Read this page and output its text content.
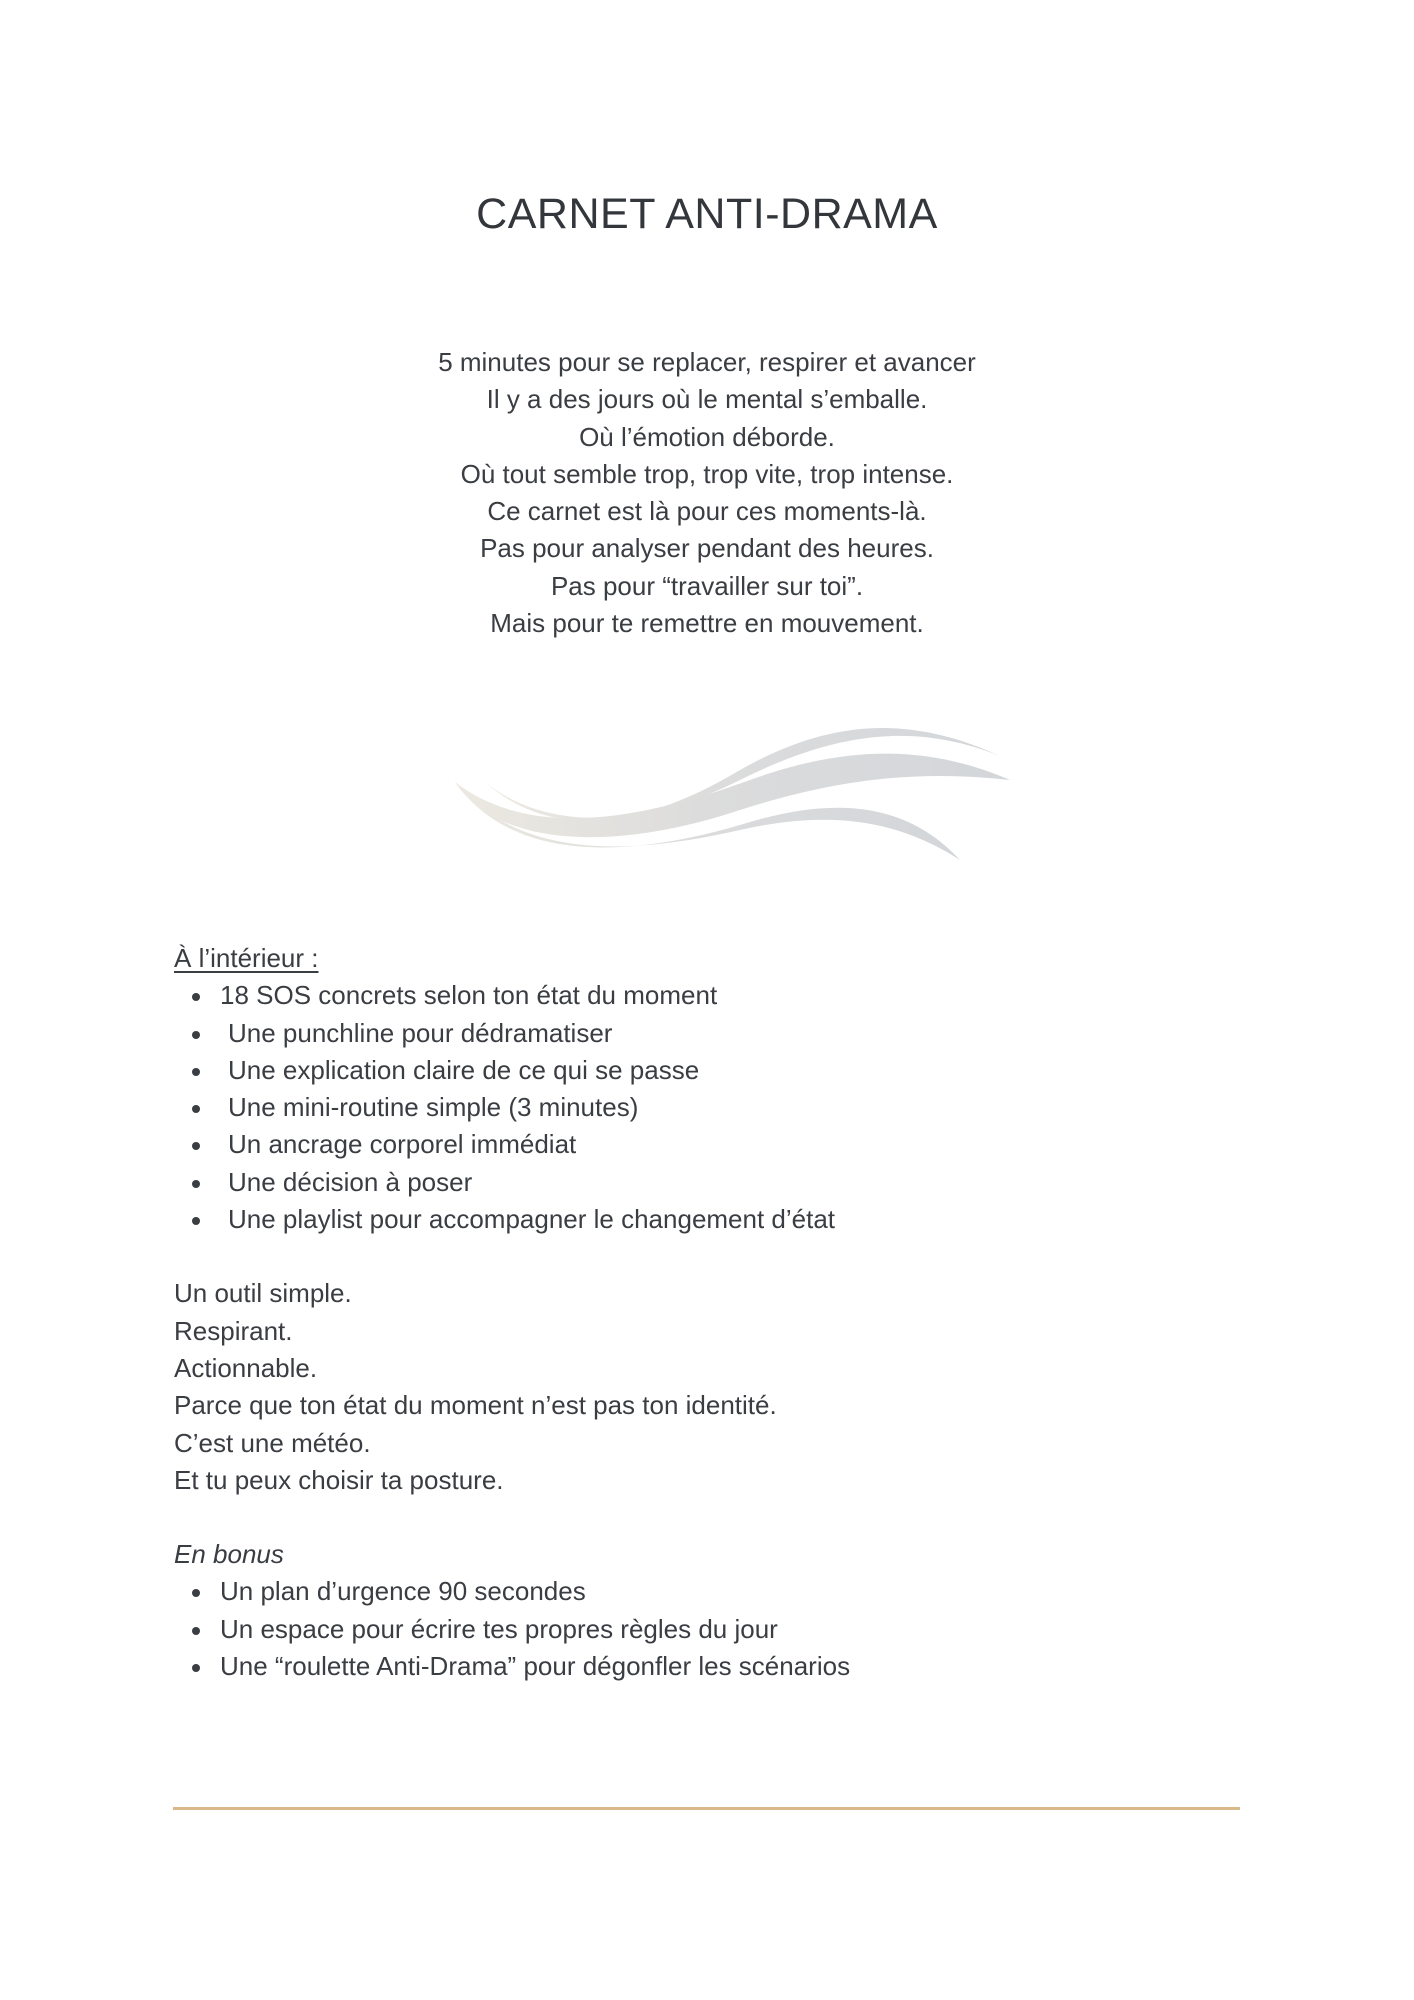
CARNET ANTI-DRAMA
5 minutes pour se replacer, respirer et avancer
Il y a des jours où le mental s’emballe.
Où l’émotion déborde.
Où tout semble trop, trop vite, trop intense.
Ce carnet est là pour ces moments-là.
Pas pour analyser pendant des heures.
Pas pour “travailler sur toi”.
Mais pour te remettre en mouvement.
À l’intérieur :
18 SOS concrets selon ton état du moment
Une punchline pour dédramatiser
Une explication claire de ce qui se passe
Une mini-routine simple (3 minutes)
Un ancrage corporel immédiat
Une décision à poser
Une playlist pour accompagner le changement d’état
Un outil simple.
Respirant.
Actionnable.
Parce que ton état du moment n’est pas ton identité.
C’est une météo.
Et tu peux choisir ta posture.
En bonus
Un plan d’urgence 90 secondes
Un espace pour écrire tes propres règles du jour
Une “roulette Anti-Drama” pour dégonfler les scénarios
